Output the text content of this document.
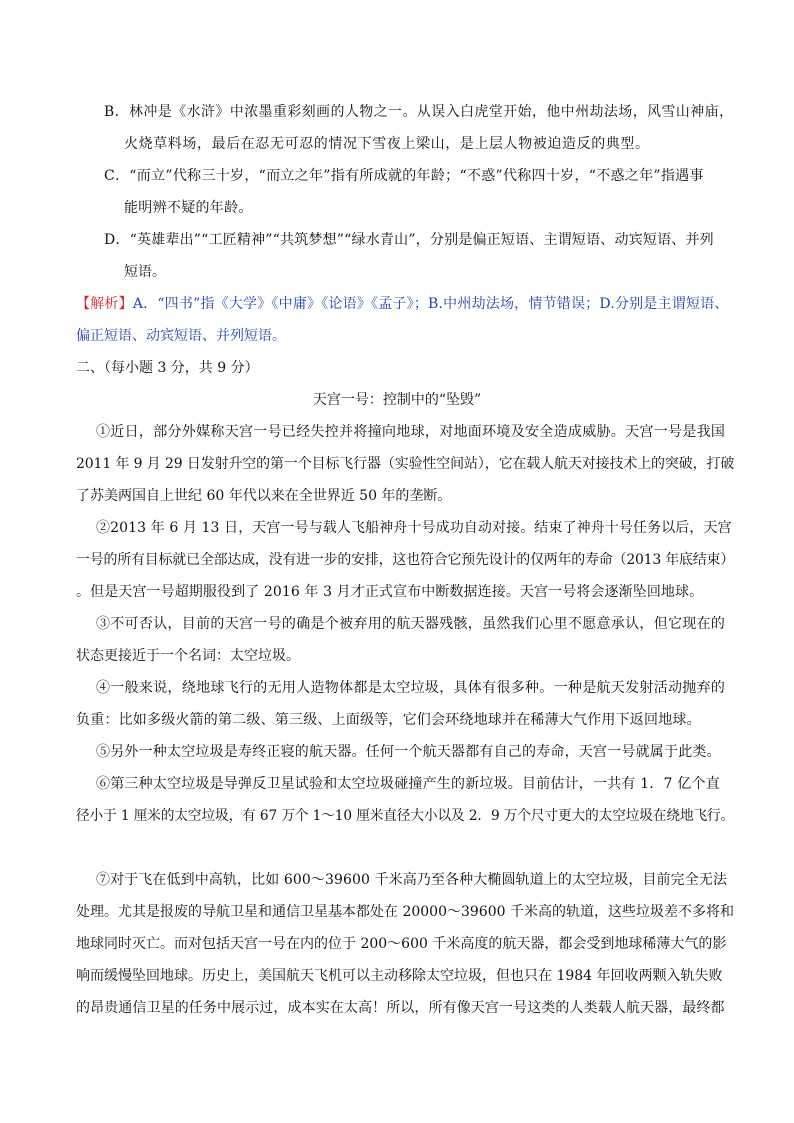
B．林冲是《水浒》中浓墨重彩刻画的人物之一。从误入白虎堂开始，他中州劫法场，风雪山神庙，
火烧草料场，最后在忍无可忍的情况下雪夜上梁山，是上层人物被迫造反的典型。
C．“而立”代称三十岁，“而立之年”指有所成就的年龄；“不惑”代称四十岁，“不惑之年”指遇事
能明辨不疑的年龄。
D．“英雄辈出”“工匠精神”“共筑梦想”“绿水青山”，分别是偏正短语、主谓短语、动宾短语、并列
短语。
【解析】A．“四书”指《大学》《中庸》《论语》《孟子》；B.中州劫法场，情节错误；D.分别是主谓短语、
偏正短语、动宾短语、并列短语。
二、（每小题 3 分，共 9 分）
天宫一号：控制中的“坠毁”
①近日，部分外媒称天宫一号已经失控并将撞向地球，对地面环境及安全造成威胁。天宫一号是我国
2011 年 9 月 29 日发射升空的第一个目标飞行器（实验性空间站），它在载人航天对接技术上的突破，打破
了苏美两国自上世纪 60 年代以来在全世界近 50 年的垄断。
②2013 年 6 月 13 日，天宫一号与载人飞船神舟十号成功自动对接。结束了神舟十号任务以后，天宫
一号的所有目标就已全部达成，没有进一步的安排，这也符合它预先设计的仅两年的寿命（2013 年底结束）
。但是天宫一号超期服役到了 2016 年 3 月才正式宣布中断数据连接。天宫一号将会逐渐坠回地球。
③不可否认，目前的天宫一号的确是个被弃用的航天器残骸，虽然我们心里不愿意承认，但它现在的
状态更接近于一个名词：太空垃圾。
④一般来说，绕地球飞行的无用人造物体都是太空垃圾，具体有很多种。一种是航天发射活动抛弃的
负重：比如多级火箭的第二级、第三级、上面级等，它们会环绕地球并在稀薄大气作用下返回地球。
⑤另外一种太空垃圾是寿终正寝的航天器。任何一个航天器都有自己的寿命，天宫一号就属于此类。
⑥第三种太空垃圾是导弹反卫星试验和太空垃圾碰撞产生的新垃圾。目前估计，一共有 1．7 亿个直
径小于 1 厘米的太空垃圾，有 67 万个 1～10 厘米直径大小以及 2．9 万个尺寸更大的太空垃圾在绕地飞行。
⑦对于飞在低到中高轨，比如 600～39600 千米高乃至各种大椭圆轨道上的太空垃圾，目前完全无法
处理。尤其是报废的导航卫星和通信卫星基本都处在 20000～39600 千米高的轨道，这些垃圾差不多将和
地球同时灭亡。而对包括天宫一号在内的位于 200～600 千米高度的航天器，都会受到地球稀薄大气的影
响而缓慢坠回地球。历史上，美国航天飞机可以主动移除太空垃圾，但也只在 1984 年回收两颗入轨失败
的昂贵通信卫星的任务中展示过，成本实在太高！所以，所有像天宫一号这类的人类载人航天器，最终都
